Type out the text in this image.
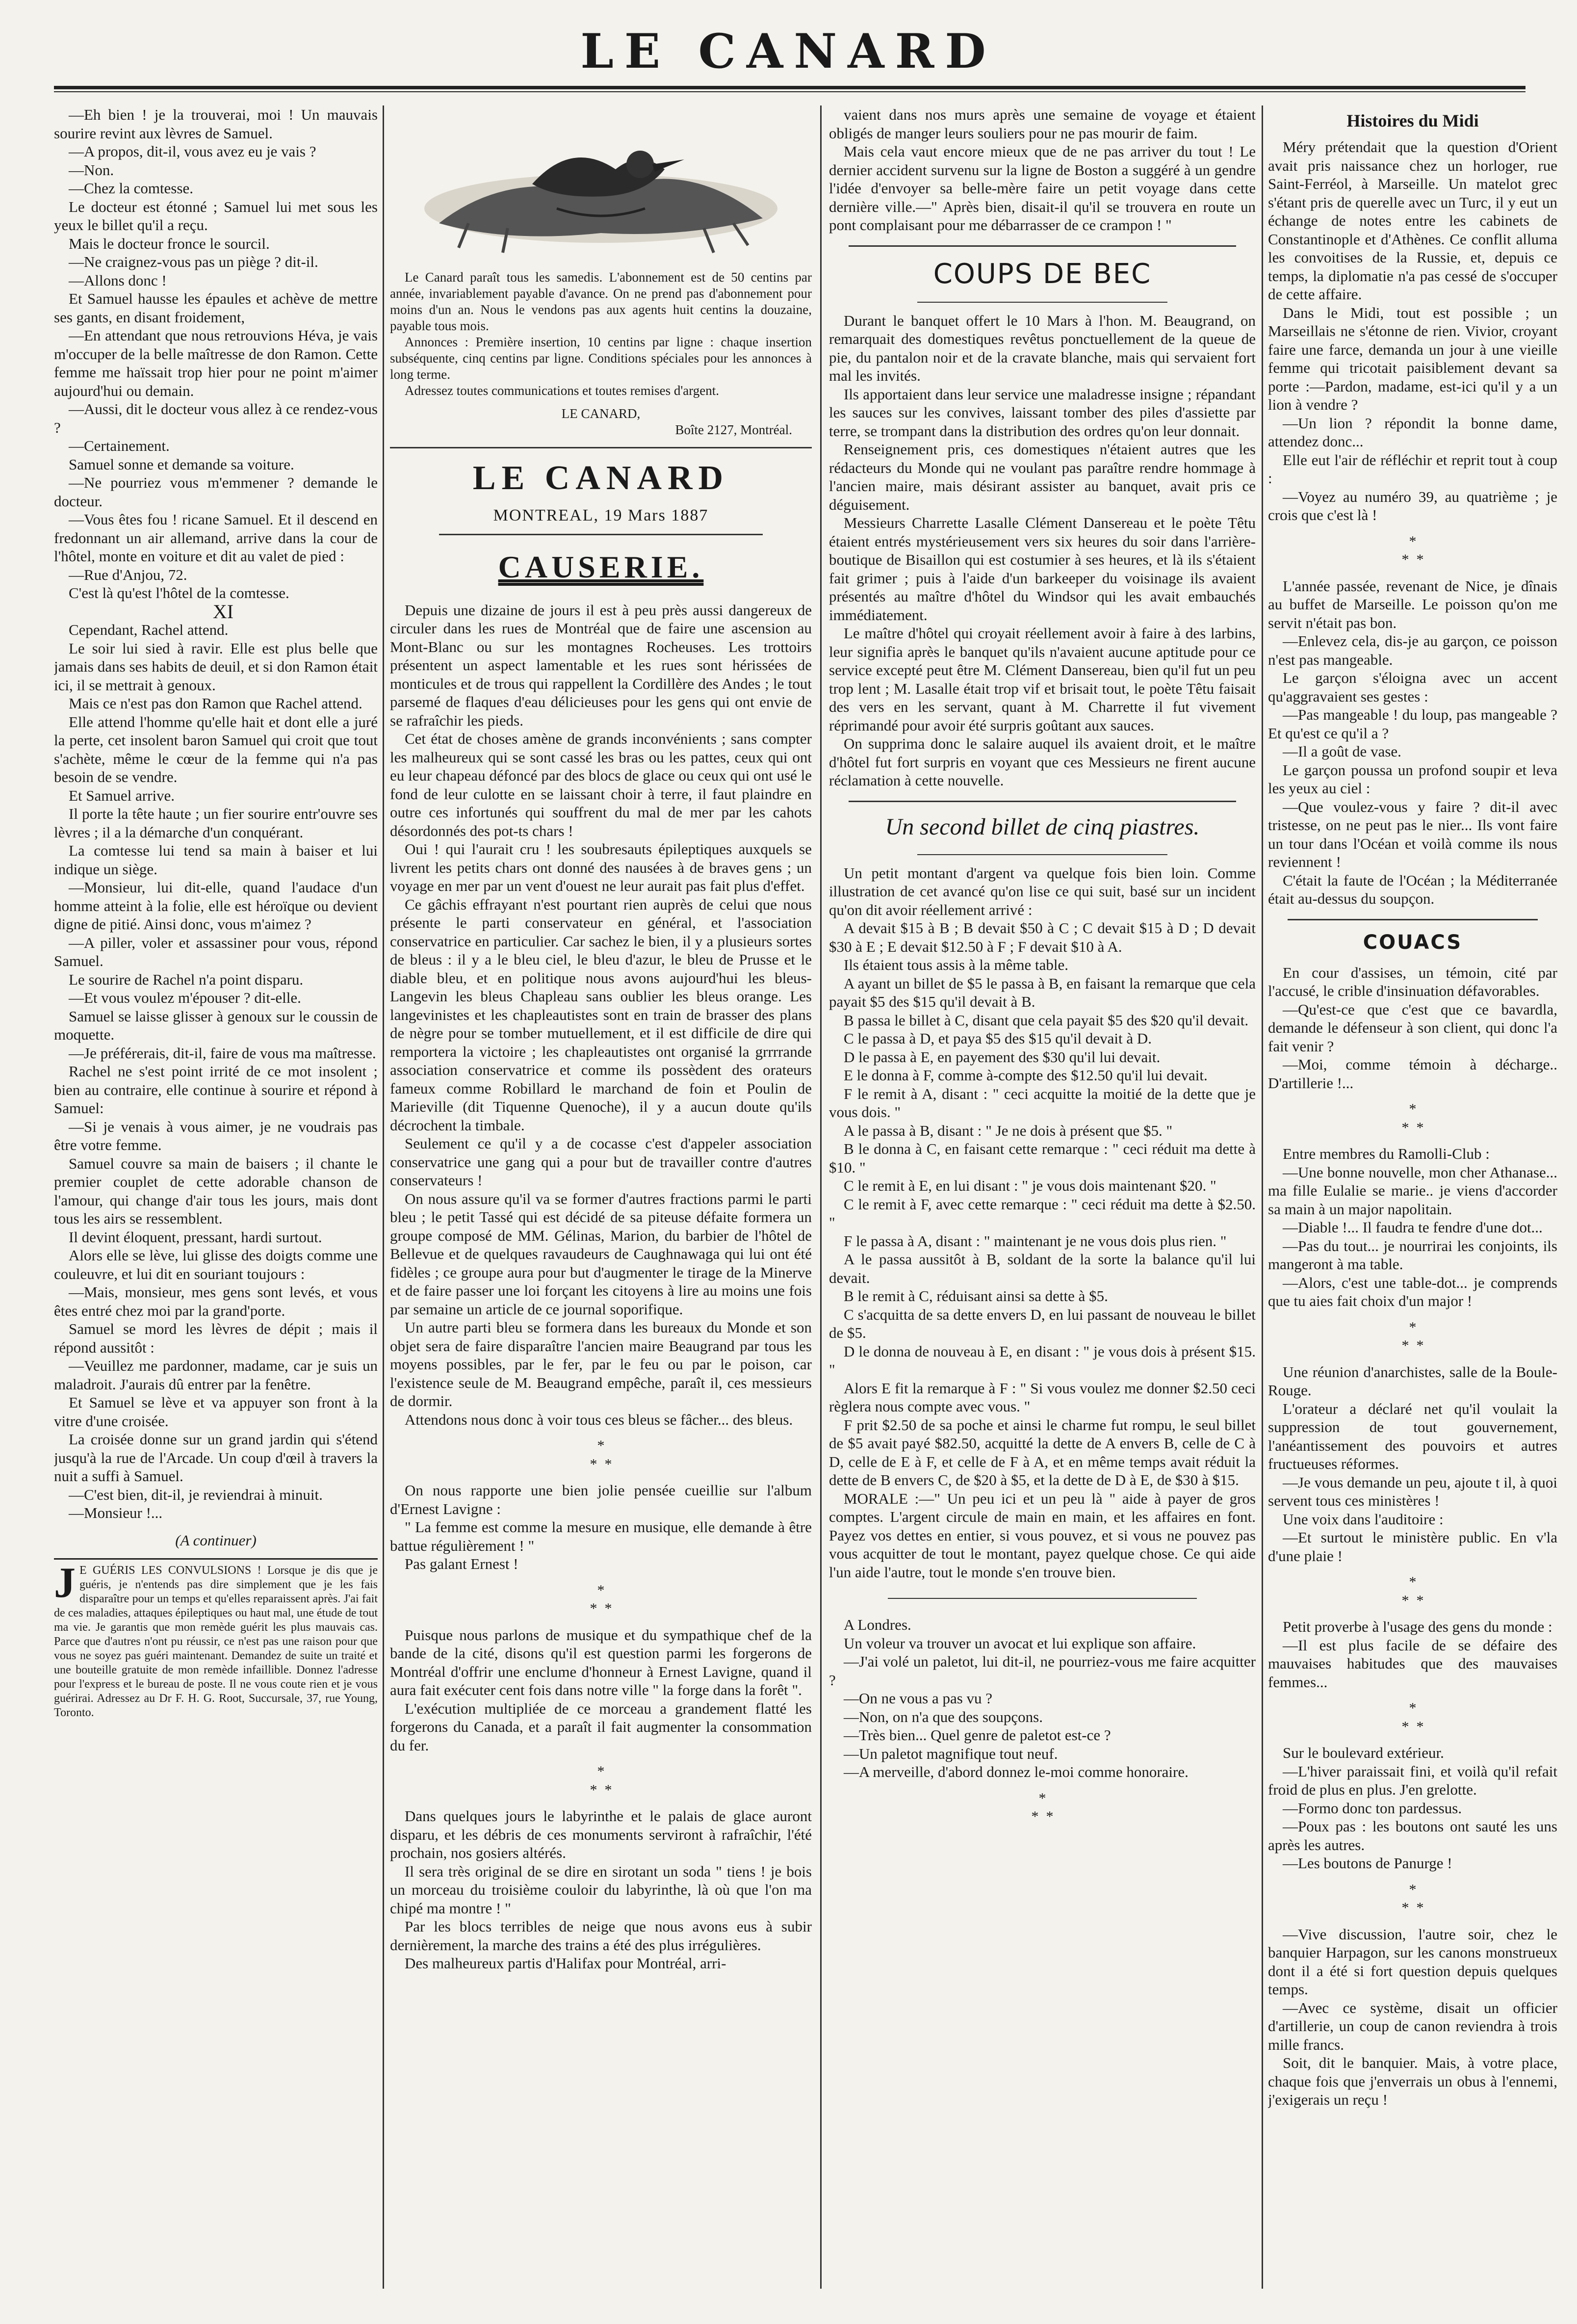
LE CANARD

—Eh bien ! je la trouverai, moi ! Un mauvais sourire revint aux lèvres de Samuel.

—A propos, dit-il, vous avez eu je vais ?

—Non.

—Chez la comtesse.

Le docteur est étonné ; Samuel lui met sous les yeux le billet qu'il a reçu.

Mais le docteur fronce le sourcil.

—Ne craignez-vous pas un piège ? dit-il.

—Allons donc !

Et Samuel hausse les épaules et achève de mettre ses gants, en disant froidement,

—En attendant que nous retrouvions Héva, je vais m'occuper de la belle maîtresse de don Ramon. Cette femme me haïssait trop hier pour ne point m'aimer aujourd'hui ou demain.

—Aussi, dit le docteur vous allez à ce rendez-vous ?

—Certainement.

Samuel sonne et demande sa voiture.

—Ne pourriez vous m'emmener ? demande le docteur.

—Vous êtes fou ! ricane Samuel. Et il descend en fredonnant un air allemand, arrive dans la cour de l'hôtel, monte en voiture et dit au valet de pied :

—Rue d'Anjou, 72.

C'est là qu'est l'hôtel de la comtesse.

XI

Cependant, Rachel attend.

Le soir lui sied à ravir. Elle est plus belle que jamais dans ses habits de deuil, et si don Ramon était ici, il se mettrait à genoux.

Mais ce n'est pas don Ramon que Rachel attend.

Elle attend l'homme qu'elle hait et dont elle a juré la perte, cet insolent baron Samuel qui croit que tout s'achète, même le cœur de la femme qui n'a pas besoin de se vendre.

Et Samuel arrive.

Il porte la tête haute ; un fier sourire entr'ouvre ses lèvres ; il a la démarche d'un conquérant.

La comtesse lui tend sa main à baiser et lui indique un siège.

—Monsieur, lui dit-elle, quand l'audace d'un homme atteint à la folie, elle est héroïque ou devient digne de pitié. Ainsi donc, vous m'aimez ?

—A piller, voler et assassiner pour vous, répond Samuel.

Le sourire de Rachel n'a point disparu.

—Et vous voulez m'épouser ? dit-elle.

Samuel se laisse glisser à genoux sur le coussin de moquette.

—Je préférerais, dit-il, faire de vous ma maîtresse.

Rachel ne s'est point irrité de ce mot insolent ; bien au contraire, elle continue à sourire et répond à Samuel:

—Si je venais à vous aimer, je ne voudrais pas être votre femme.

Samuel couvre sa main de baisers ; il chante le premier couplet de cette adorable chanson de l'amour, qui change d'air tous les jours, mais dont tous les airs se ressemblent.

Il devint éloquent, pressant, hardi surtout.

Alors elle se lève, lui glisse des doigts comme une couleuvre, et lui dit en souriant toujours :

—Mais, monsieur, mes gens sont levés, et vous êtes entré chez moi par la grand'porte.

Samuel se mord les lèvres de dépit ; mais il répond aussitôt :

—Veuillez me pardonner, madame, car je suis un maladroit. J'aurais dû entrer par la fenêtre.

Et Samuel se lève et va appuyer son front à la vitre d'une croisée.

La croisée donne sur un grand jardin qui s'étend jusqu'à la rue de l'Arcade. Un coup d'œil à travers la nuit a suffi à Samuel.

—C'est bien, dit-il, je reviendrai à minuit.

—Monsieur !...

(A continuer)

J E GUÉRIS LES CONVULSIONS ! Lorsque je dis que je guéris, je n'entends pas dire simplement que je les fais disparaître pour un temps et qu'elles reparaissent après. J'ai fait de ces maladies, attaques épileptiques ou haut mal, une étude de tout ma vie. Je garantis que mon remède guérit les plus mauvais cas. Parce que d'autres n'ont pu réussir, ce n'est pas une raison pour que vous ne soyez pas guéri maintenant. Demandez de suite un traité et une bouteille gratuite de mon remède infaillible. Donnez l'adresse pour l'express et le bureau de poste. Il ne vous coute rien et je vous guérirai. Adressez au Dr F. H. G. Root, Succursale, 37, rue Young, Toronto.

Le Canard paraît tous les samedis. L'abonnement est de 50 centins par année, invariablement payable d'avance. On ne prend pas d'abonnement pour moins d'un an. Nous le vendons pas aux agents huit centins la douzaine, payable tous mois.

Annonces : Première insertion, 10 centins par ligne : chaque insertion subséquente, cinq centins par ligne. Conditions spéciales pour les annonces à long terme.

Adressez toutes communications et toutes remises d'argent.

LE CANARD,

Boîte 2127, Montréal.

LE CANARD
MONTREAL, 19 Mars 1887
CAUSERIE.

Depuis une dizaine de jours il est à peu près aussi dangereux de circuler dans les rues de Montréal que de faire une ascension au Mont-Blanc ou sur les montagnes Rocheuses. Les trottoirs présentent un aspect lamentable et les rues sont hérissées de monticules et de trous qui rappellent la Cordillère des Andes ; le tout parsemé de flaques d'eau délicieuses pour les gens qui ont envie de se rafraîchir les pieds.

Cet état de choses amène de grands inconvénients ; sans compter les malheureux qui se sont cassé les bras ou les pattes, ceux qui ont eu leur chapeau défoncé par des blocs de glace ou ceux qui ont usé le fond de leur culotte en se laissant choir à terre, il faut plaindre en outre ces infortunés qui souffrent du mal de mer par les cahots désordonnés des pot-ts chars !

Oui ! qui l'aurait cru ! les soubresauts épileptiques auxquels se livrent les petits chars ont donné des nausées à de braves gens ; un voyage en mer par un vent d'ouest ne leur aurait pas fait plus d'effet.

Ce gâchis effrayant n'est pourtant rien auprès de celui que nous présente le parti conservateur en général, et l'association conservatrice en particulier. Car sachez le bien, il y a plusieurs sortes de bleus : il y a le bleu ciel, le bleu d'azur, le bleu de Prusse et le diable bleu, et en politique nous avons aujourd'hui les bleus-Langevin les bleus Chapleau sans oublier les bleus orange. Les langevinistes et les chapleautistes sont en train de brasser des plans de nègre pour se tomber mutuellement, et il est difficile de dire qui remportera la victoire ; les chapleautistes ont organisé la grrrrande association conservatrice et comme ils possèdent des orateurs fameux comme Robillard le marchand de foin et Poulin de Marieville (dit Tiquenne Quenoche), il y a aucun doute qu'ils décrochent la timbale.

Seulement ce qu'il y a de cocasse c'est d'appeler association conservatrice une gang qui a pour but de travailler contre d'autres conservateurs !

On nous assure qu'il va se former d'autres fractions parmi le parti bleu ; le petit Tassé qui est décidé de sa piteuse défaite formera un groupe composé de MM. Gélinas, Marion, du barbier de l'hôtel de Bellevue et de quelques ravaudeurs de Caughnawaga qui lui ont été fidèles ; ce groupe aura pour but d'augmenter le tirage de la Minerve et de faire passer une loi forçant les citoyens à lire au moins une fois par semaine un article de ce journal soporifique.

Un autre parti bleu se formera dans les bureaux du Monde et son objet sera de faire disparaître l'ancien maire Beaugrand par tous les moyens possibles, par le fer, par le feu ou par le poison, car l'existence seule de M. Beaugrand empêche, paraît il, ces messieurs de dormir.

Attendons nous donc à voir tous ces bleus se fâcher... des bleus.

*
*  *

On nous rapporte une bien jolie pensée cueillie sur l'album d'Ernest Lavigne :

" La femme est comme la mesure en musique, elle demande à être battue régulièrement ! "

Pas galant Ernest !

*
*  *

Puisque nous parlons de musique et du sympathique chef de la bande de la cité, disons qu'il est question parmi les forgerons de Montréal d'offrir une enclume d'honneur à Ernest Lavigne, quand il aura fait exécuter cent fois dans notre ville " la forge dans la forêt ".

L'exécution multipliée de ce morceau a grandement flatté les forgerons du Canada, et a paraît il fait augmenter la consommation du fer.

*
*  *

Dans quelques jours le labyrinthe et le palais de glace auront disparu, et les débris de ces monuments serviront à rafraîchir, l'été prochain, nos gosiers altérés.

Il sera très original de se dire en sirotant un soda " tiens ! je bois un morceau du troisième couloir du labyrinthe, là où que l'on ma chipé ma montre ! "

Par les blocs terribles de neige que nous avons eus à subir dernièrement, la marche des trains a été des plus irrégulières.

Des malheureux partis d'Halifax pour Montréal, arri-

vaient dans nos murs après une semaine de voyage et étaient obligés de manger leurs souliers pour ne pas mourir de faim.

Mais cela vaut encore mieux que de ne pas arriver du tout ! Le dernier accident survenu sur la ligne de Boston a suggéré à un gendre l'idée d'envoyer sa belle-mère faire un petit voyage dans cette dernière ville.—" Après bien, disait-il qu'il se trouvera en route un pont complaisant pour me débarrasser de ce crampon ! "

COUPS DE BEC

Durant le banquet offert le 10 Mars à l'hon. M. Beaugrand, on remarquait des domestiques revêtus ponctuellement de la queue de pie, du pantalon noir et de la cravate blanche, mais qui servaient fort mal les invités.

Ils apportaient dans leur service une maladresse insigne ; répandant les sauces sur les convives, laissant tomber des piles d'assiette par terre, se trompant dans la distribution des ordres qu'on leur donnait.

Renseignement pris, ces domestiques n'étaient autres que les rédacteurs du Monde qui ne voulant pas paraître rendre hommage à l'ancien maire, mais désirant assister au banquet, avait pris ce déguisement.

Messieurs Charrette Lasalle Clément Dansereau et le poète Têtu étaient entrés mystérieusement vers six heures du soir dans l'arrière-boutique de Bisaillon qui est costumier à ses heures, et là ils s'étaient fait grimer ; puis à l'aide d'un barkeeper du voisinage ils avaient présentés au maître d'hôtel du Windsor qui les avait embauchés immédiatement.

Le maître d'hôtel qui croyait réellement avoir à faire à des larbins, leur signifia après le banquet qu'ils n'avaient aucune aptitude pour ce service excepté peut être M. Clément Dansereau, bien qu'il fut un peu trop lent ; M. Lasalle était trop vif et brisait tout, le poète Têtu faisait des vers en les servant, quant à M. Charrette il fut vivement réprimandé pour avoir été surpris goûtant aux sauces.

On supprima donc le salaire auquel ils avaient droit, et le maître d'hôtel fut fort surpris en voyant que ces Messieurs ne firent aucune réclamation à cette nouvelle.

Un second billet de cinq piastres.

Un petit montant d'argent va quelque fois bien loin. Comme illustration de cet avancé qu'on lise ce qui suit, basé sur un incident qu'on dit avoir réellement arrivé :

A devait $15 à B ; B devait $50 à C ; C devait $15 à D ; D devait $30 à E ; E devait $12.50 à F ; F devait $10 à A.

Ils étaient tous assis à la même table.

A ayant un billet de $5 le passa à B, en faisant la remarque que cela payait $5 des $15 qu'il devait à B.

B passa le billet à C, disant que cela payait $5 des $20 qu'il devait.

C le passa à D, et paya $5 des $15 qu'il devait à D.

D le passa à E, en payement des $30 qu'il lui devait.

E le donna à F, comme à-compte des $12.50 qu'il lui devait.

F le remit à A, disant : " ceci acquitte la moitié de la dette que je vous dois. "

A le passa à B, disant : " Je ne dois à présent que $5. "

B le donna à C, en faisant cette remarque : " ceci réduit ma dette à $10. "

C le remit à E, en lui disant : " je vous dois maintenant $20. "

C le remit à F, avec cette remarque : " ceci réduit ma dette à $2.50. "

F le passa à A, disant : " maintenant je ne vous dois plus rien. "

A le passa aussitôt à B, soldant de la sorte la balance qu'il lui devait.

B le remit à C, réduisant ainsi sa dette à $5.

C s'acquitta de sa dette envers D, en lui passant de nouveau le billet de $5.

D le donna de nouveau à E, en disant : " je vous dois à présent $15. "

Alors E fit la remarque à F : " Si vous voulez me donner $2.50 ceci règlera nous compte avec vous. "

F prit $2.50 de sa poche et ainsi le charme fut rompu, le seul billet de $5 avait payé $82.50, acquitté la dette de A envers B, celle de C à D, celle de E à F, et celle de F à A, et en même temps avait réduit la dette de B envers C, de $20 à $5, et la dette de D à E, de $30 à $15.

MORALE :—" Un peu ici et un peu là " aide à payer de gros comptes. L'argent circule de main en main, et les affaires en font. Payez vos dettes en entier, si vous pouvez, et si vous ne pouvez pas vous acquitter de tout le montant, payez quelque chose. Ce qui aide l'un aide l'autre, tout le monde s'en trouve bien.

A Londres.

Un voleur va trouver un avocat et lui explique son affaire.

—J'ai volé un paletot, lui dit-il, ne pourriez-vous me faire acquitter ?

—On ne vous a pas vu ?

—Non, on n'a que des soupçons.

—Très bien... Quel genre de paletot est-ce ?

—Un paletot magnifique tout neuf.

—A merveille, d'abord donnez le-moi comme honoraire.

*
*  *
Histoires du Midi

Méry prétendait que la question d'Orient avait pris naissance chez un horloger, rue Saint-Ferréol, à Marseille. Un matelot grec s'étant pris de querelle avec un Turc, il y eut un échange de notes entre les cabinets de Constantinople et d'Athènes. Ce conflit alluma les convoitises de la Russie, et, depuis ce temps, la diplomatie n'a pas cessé de s'occuper de cette affaire.

Dans le Midi, tout est possible ; un Marseillais ne s'étonne de rien. Vivior, croyant faire une farce, demanda un jour à une vieille femme qui tricotait paisiblement devant sa porte :—Pardon, madame, est-ici qu'il y a un lion à vendre ?

—Un lion ? répondit la bonne dame, attendez donc...

Elle eut l'air de réfléchir et reprit tout à coup :

—Voyez au numéro 39, au quatrième ; je crois que c'est là !

*
*  *

L'année passée, revenant de Nice, je dînais au buffet de Marseille. Le poisson qu'on me servit n'était pas bon.

—Enlevez cela, dis-je au garçon, ce poisson n'est pas mangeable.

Le garçon s'éloigna avec un accent qu'aggravaient ses gestes :

—Pas mangeable ! du loup, pas mangeable ? Et qu'est ce qu'il a ?

—Il a goût de vase.

Le garçon poussa un profond soupir et leva les yeux au ciel :

—Que voulez-vous y faire ? dit-il avec tristesse, on ne peut pas le nier... Ils vont faire un tour dans l'Océan et voilà comme ils nous reviennent !

C'était la faute de l'Océan ; la Méditerranée était au-dessus du soupçon.

COUACS

En cour d'assises, un témoin, cité par l'accusé, le crible d'insinuation défavorables.

—Qu'est-ce que c'est que ce bavardla, demande le défenseur à son client, qui donc l'a fait venir ?

—Moi, comme témoin à décharge.. D'artillerie !...

*
*  *

Entre membres du Ramolli-Club :

—Une bonne nouvelle, mon cher Athanase... ma fille Eulalie se marie.. je viens d'accorder sa main à un major napolitain.

—Diable !... Il faudra te fendre d'une dot...

—Pas du tout... je nourrirai les conjoints, ils mangeront à ma table.

—Alors, c'est une table-dot... je comprends que tu aies fait choix d'un major !

*
*  *

Une réunion d'anarchistes, salle de la Boule-Rouge.

L'orateur a déclaré net qu'il voulait la suppression de tout gouvernement, l'anéantissement des pouvoirs et autres fructueuses réformes.

—Je vous demande un peu, ajoute t il, à quoi servent tous ces ministères !

Une voix dans l'auditoire :

—Et surtout le ministère public. En v'la d'une plaie !

*
*  *

Petit proverbe à l'usage des gens du monde :

—Il est plus facile de se défaire des mauvaises habitudes que des mauvaises femmes...

*
*  *

Sur le boulevard extérieur.

—L'hiver paraissait fini, et voilà qu'il refait froid de plus en plus. J'en grelotte.

—Formo donc ton pardessus.

—Poux pas : les boutons ont sauté les uns après les autres.

—Les boutons de Panurge !

*
*  *

—Vive discussion, l'autre soir, chez le banquier Harpagon, sur les canons monstrueux dont il a été si fort question depuis quelques temps.

—Avec ce système, disait un officier d'artillerie, un coup de canon reviendra à trois mille francs.

Soit, dit le banquier. Mais, à votre place, chaque fois que j'enverrais un obus à l'ennemi, j'exigerais un reçu !
